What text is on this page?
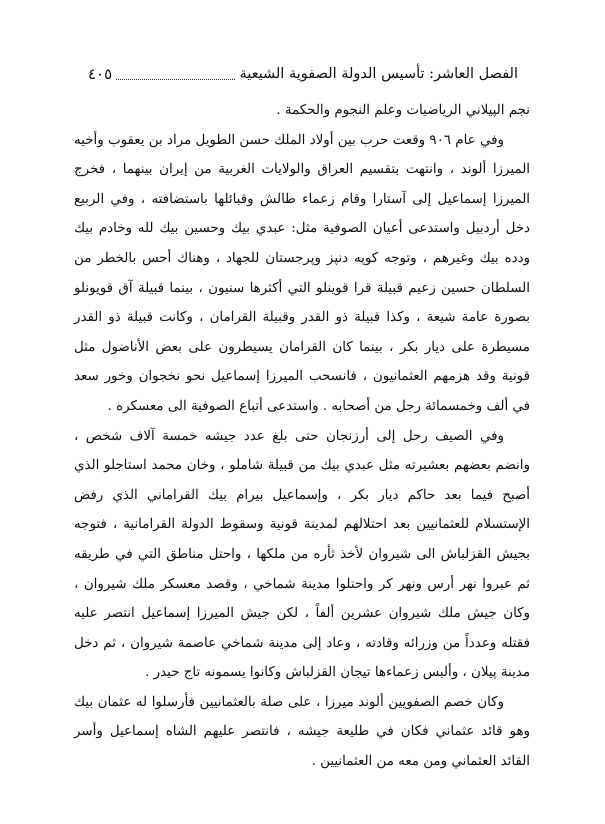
الفصل العاشر: تأسيس الدولة الصفوية الشيعية
٤٠٥

نجم الپيلاني الرياضيات وعلم النجوم والحكمة .

وفي عام ٩٠٦ وقعت حرب بين أولاد الملك حسن الطويل مراد بن يعقوب وأخيه الميرزا ألوند ، وانتهت بتقسيم العراق والولايات الغربية من إيران بينهما ، فخرج الميرزا إسماعيل إلى آستارا وقام زعماء طالش وقبائلها باستضافته ، وفي الربيع دخل أردبيل واستدعى أعيان الصوفية مثل: عبدي بيك وحسين بيك لله وخادم بيك ودده بيك وغيرهم ، وتوجه كوپه دنپز وپرجستان للجهاد ، وهناك أحس بالخطر من السلطان حسين زعيم قبيلة قرا قوينلو التي أكثرها سنيون ، بينما قبيلة آق قويونلو بصورة عامة شيعة ، وكذا قبيلة ذو القدر وقبيلة القرامان ، وكانت قبيلة ذو القدر مسيطرة على ديار بكر ، بينما كان القرامان يسيطرون على بعض الأناضول مثل قونية وقد هزمهم العثمانيون ، فانسحب الميرزا إسماعيل نحو نخجوان وخور سعد في ألف وخمسمائة رجل من أصحابه . واستدعى أتباع الصوفية الى معسكره .

وفي الصيف رحل إلى أرزنجان حتى بلغ عدد جيشه خمسة آلاف شخص ، وانضم بعضهم بعشيرته مثل عبدي بيك من قبيلة شاملو ، وخان محمد استاجلو الذي أصبح فيما بعد حاكم ديار بكر ، وإسماعيل بيرام بيك القراماني الذي رفض الإستسلام للعثمانيين بعد احتلالهم لمدينة قونية وسقوط الدولة القرامانية ، فتوجه بجيش القزلباش الى شيروان لأخذ ثأره من ملكها ، واحتل مناطق التي في طريقه ثم عبروا نهر أرس ونهر كر واحتلوا مدينة شماخي ، وقصد معسكر ملك شيروان ، وكان جيش ملك شيروان عشرين ألفاً ، لكن جيش الميرزا إسماعيل انتصر عليه فقتله وعدداً من وزرائه وقادته ، وعاد إلى مدينة شماخي عاصمة شيروان ، ثم دخل مدينة پيلان ، وألبس زعماءها تيجان القزلباش وكانوا يسمونه تاج حيدر .

وكان خصم الصفويين ألوند ميرزا ، على صلة بالعثمانيين فأرسلوا له عثمان بيك وهو قائد عثماني فكان في طليعة جيشه ، فانتصر عليهم الشاه إسماعيل وأسر القائد العثماني ومن معه من العثمانيين .
